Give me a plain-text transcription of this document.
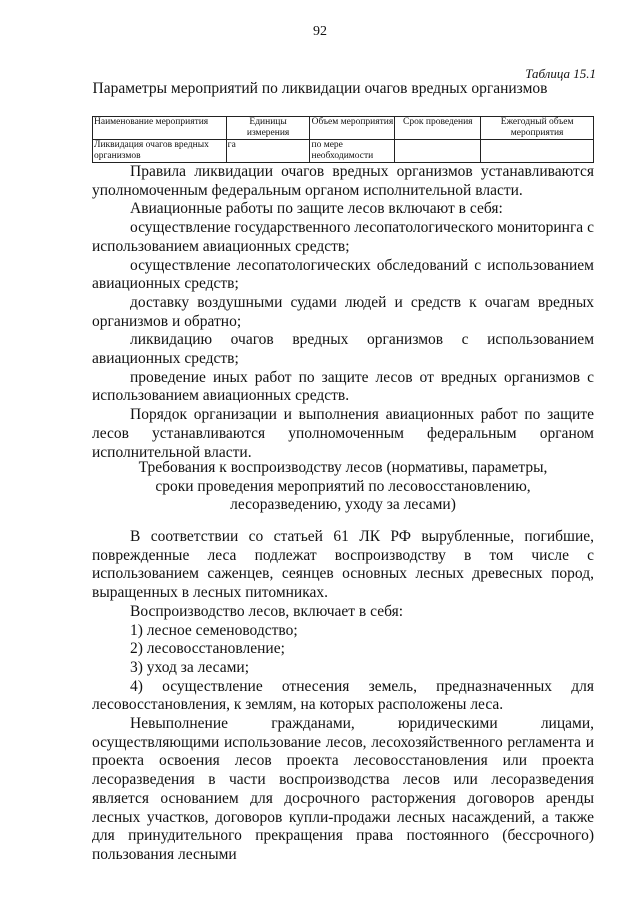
92
Таблица 15.1
Параметры мероприятий по ликвидации очагов вредных организмов
Наименование мероприятия	Единицы измерения	Объем мероприятия	Срок проведения	Ежегодный объем мероприятия
Ликвидация очагов вредных организмов	га	по мере необходимости		

Правила ликвидации очагов вредных организмов устанавливаются уполномоченным федеральным органом исполнительной власти.

Авиационные работы по защите лесов включают в себя:

осуществление государственного лесопатологического мониторинга с использованием авиационных средств;

осуществление лесопатологических обследований с использованием авиационных средств;

доставку воздушными судами людей и средств к очагам вредных организмов и обратно;

ликвидацию очагов вредных организмов с использованием авиационных средств;

проведение иных работ по защите лесов от вредных организмов с использованием авиационных средств.

Порядок организации и выполнения авиационных работ по защите лесов устанавливаются уполномоченным федеральным органом исполнительной власти.

Требования к воспроизводству лесов (нормативы, параметры,
сроки проведения мероприятий по лесовосстановлению,
лесоразведению, уходу за лесами)

В соответствии со статьей 61 ЛК РФ вырубленные, погибшие, поврежденные леса подлежат воспроизводству в том числе с использованием саженцев, сеянцев основных лесных древесных пород, выращенных в лесных питомниках.

Воспроизводство лесов, включает в себя:

1) лесное семеноводство;

2) лесовосстановление;

3) уход за лесами;

4) осуществление отнесения земель, предназначенных для лесовосстановления, к землям, на которых расположены леса.

Невыполнение гражданами, юридическими лицами, осуществляющими использование лесов, лесохозяйственного регламента и проекта освоения лесов проекта лесовосстановления или проекта лесоразведения в части воспроизводства лесов или лесоразведения является основанием для досрочного расторжения договоров аренды лесных участков, договоров купли-продажи лесных насаждений, а также для принудительного прекращения права постоянного (бессрочного) пользования лесными
